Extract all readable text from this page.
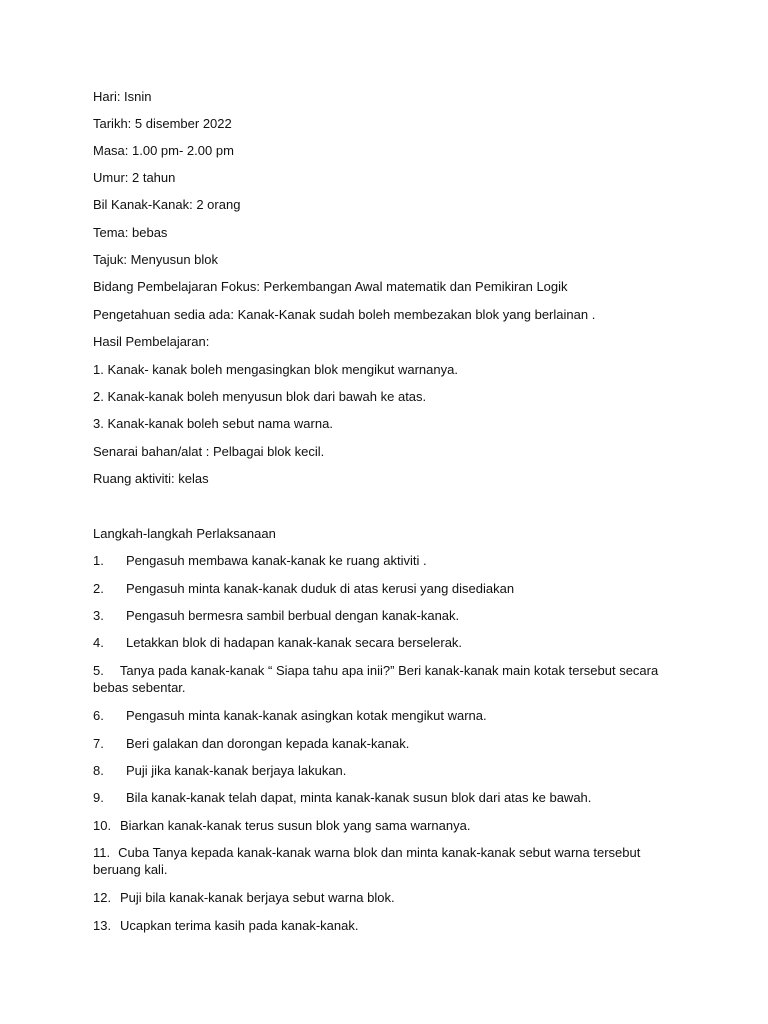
Hari: Isnin
Tarikh: 5 disember 2022
Masa: 1.00 pm- 2.00 pm
Umur: 2 tahun
Bil Kanak-Kanak: 2 orang
Tema: bebas
Tajuk: Menyusun blok
Bidang Pembelajaran Fokus: Perkembangan Awal matematik dan Pemikiran Logik
Pengetahuan sedia ada: Kanak-Kanak sudah boleh membezakan blok yang berlainan .
Hasil Pembelajaran:
1. Kanak- kanak boleh mengasingkan blok mengikut warnanya.
2. Kanak-kanak boleh menyusun blok dari bawah ke atas.
3. Kanak-kanak boleh sebut nama warna.
Senarai bahan/alat : Pelbagai blok kecil.
Ruang aktiviti: kelas
Langkah-langkah Perlaksanaan
1. Pengasuh membawa kanak-kanak ke ruang aktiviti .
2. Pengasuh minta kanak-kanak duduk di atas kerusi yang disediakan
3. Pengasuh bermesra sambil berbual dengan kanak-kanak.
4. Letakkan blok di hadapan kanak-kanak secara berselerak.
5. Tanya pada kanak-kanak “ Siapa tahu apa inii?” Beri kanak-kanak main kotak tersebut secara bebas sebentar.
6. Pengasuh minta kanak-kanak asingkan kotak mengikut warna.
7. Beri galakan dan dorongan kepada kanak-kanak.
8. Puji jika kanak-kanak berjaya lakukan.
9. Bila kanak-kanak telah dapat, minta kanak-kanak susun blok dari atas ke bawah.
10. Biarkan kanak-kanak terus susun blok yang sama warnanya.
11. Cuba Tanya kepada kanak-kanak warna blok dan minta kanak-kanak sebut warna tersebut beruang kali.
12. Puji bila kanak-kanak berjaya sebut warna blok.
13. Ucapkan terima kasih pada kanak-kanak.
